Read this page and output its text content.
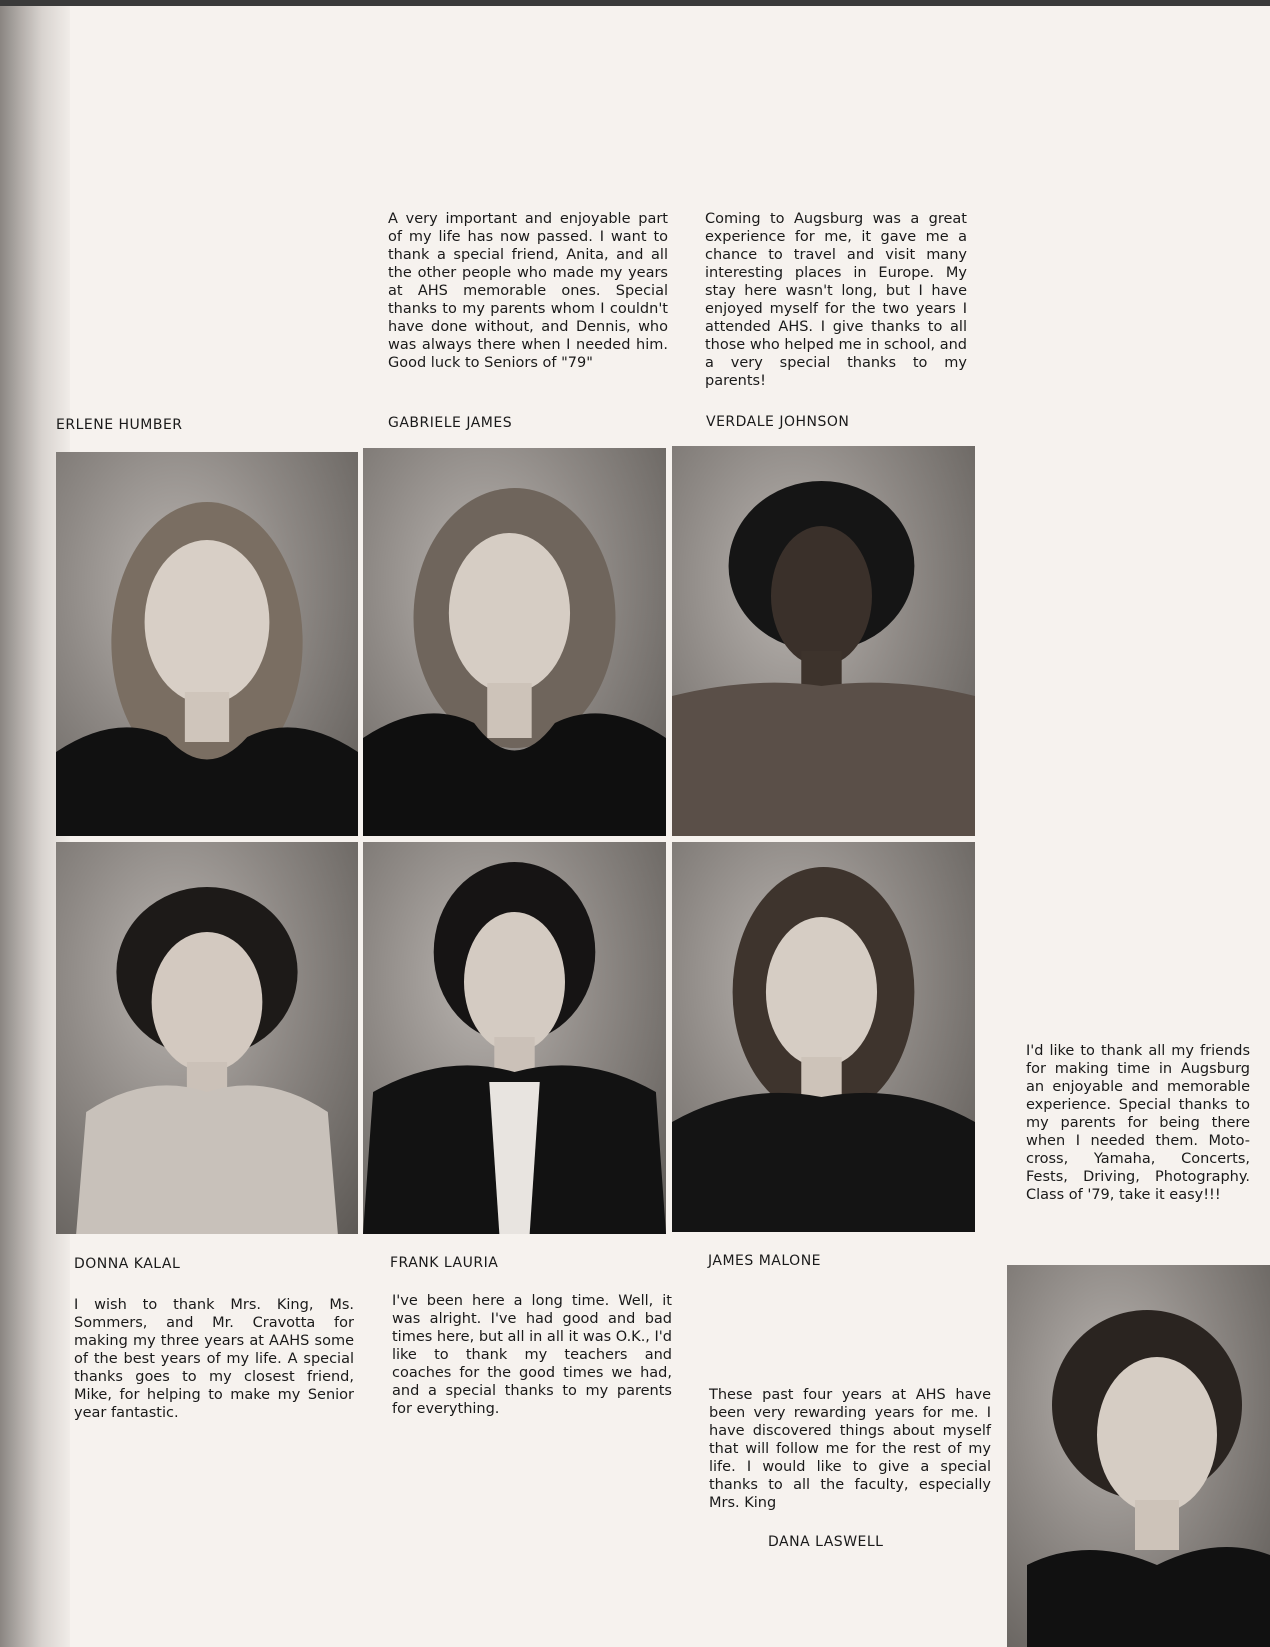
A very important and enjoyable part of my life has now passed. I want to thank a special friend, Anita, and all the other people who made my years at AHS memorable ones. Special thanks to my parents whom I couldn't have done without, and Dennis, who was always there when I needed him. Good luck to Seniors of "79"

Coming to Augsburg was a great experience for me, it gave me a chance to travel and visit many interesting places in Europe. My stay here wasn't long, but I have enjoyed myself for the two years I attended AHS. I give thanks to all those who helped me in school, and a very special thanks to my parents!

ERLENE HUMBER	GABRIELE JAMES	VERDALE JOHNSON

I'd like to thank all my friends for making time in Augsburg an enjoyable and memorable experience. Special thanks to my parents for being there when I needed them. Moto-cross, Yamaha, Concerts, Fests, Driving, Photography. Class of '79, take it easy!!!

DONNA KALAL	FRANK LAURIA	JAMES MALONE

I wish to thank Mrs. King, Ms. Sommers, and Mr. Cravotta for making my three years at AAHS some of the best years of my life. A special thanks goes to my closest friend, Mike, for helping to make my Senior year fantastic.

I've been here a long time. Well, it was alright. I've had good and bad times here, but all in all it was O.K., I'd like to thank my teachers and coaches for the good times we had, and a special thanks to my parents for everything.

These past four years at AHS have been very rewarding years for me. I have discovered things about myself that will follow me for the rest of my life. I would like to give a special thanks to all the faculty, especially Mrs. King

DANA LASWELL
